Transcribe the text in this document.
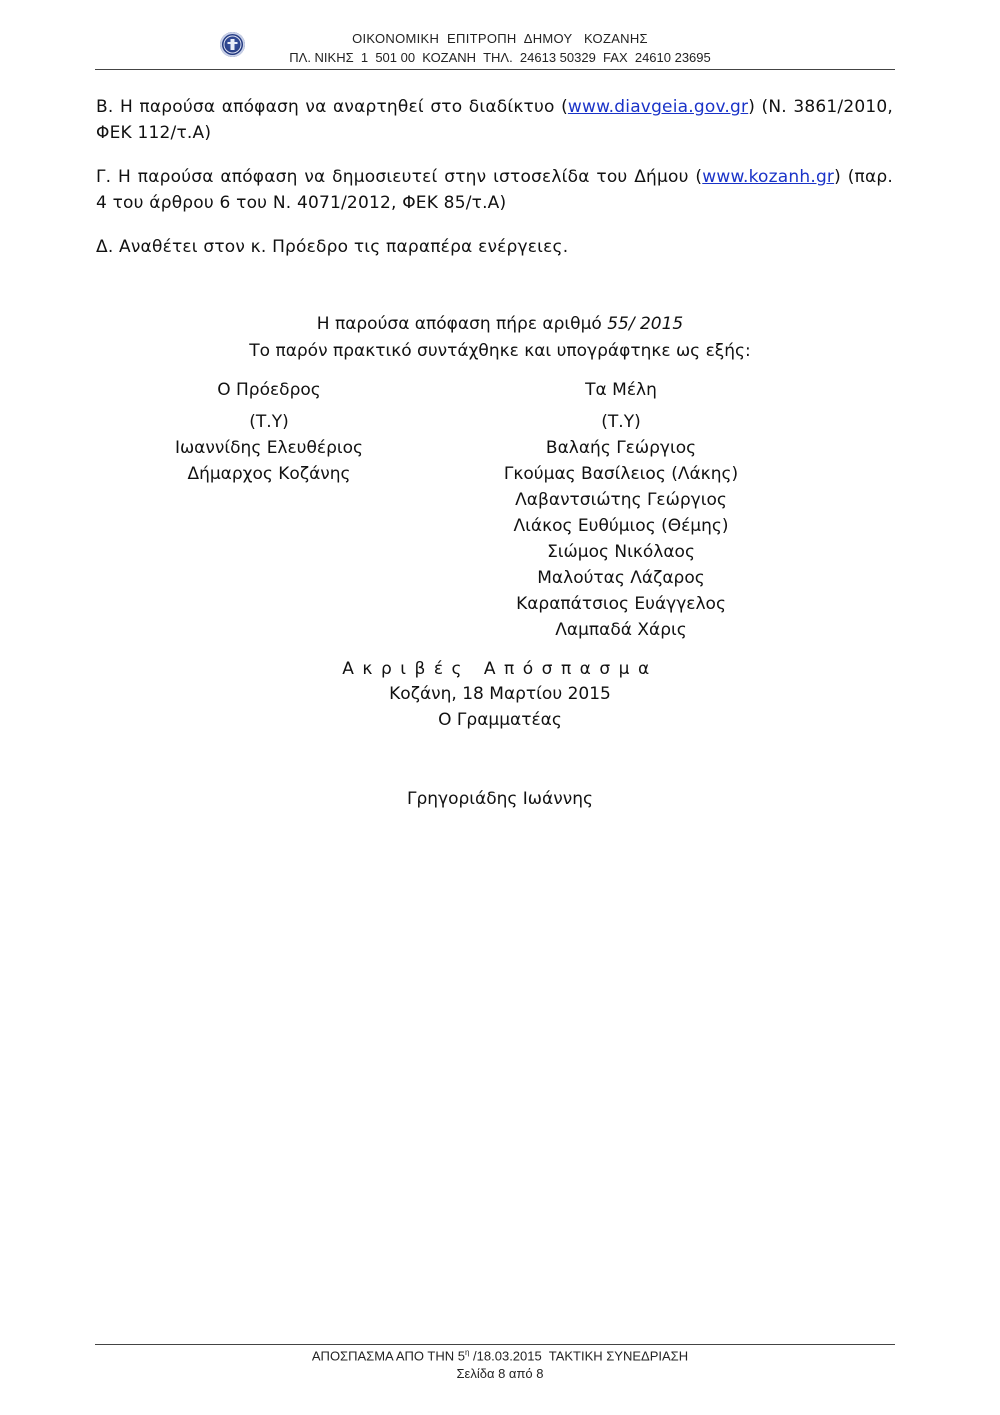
ΟΙΚΟΝΟΜΙΚΗ  ΕΠΙΤΡΟΠΗ  ΔΗΜΟΥ   ΚΟΖΑΝΗΣ
ΠΛ. ΝΙΚΗΣ  1  501 00  ΚΟΖΑΝΗ  ΤΗΛ.  24613 50329  FAX  24610 23695
Β. Η παρούσα απόφαση να αναρτηθεί στο διαδίκτυο (www.diavgeia.gov.gr) (Ν. 3861/2010, ΦΕΚ 112/τ.Α)
Γ. Η παρούσα απόφαση να δημοσιευτεί στην ιστοσελίδα του Δήμου (www.kozanh.gr) (παρ. 4 του άρθρου 6 του Ν. 4071/2012, ΦΕΚ 85/τ.Α)
Δ. Αναθέτει στον κ. Πρόεδρο τις παραπέρα ενέργειες.
Η παρούσα απόφαση πήρε αριθμό 55/ 2015
Το παρόν πρακτικό συντάχθηκε και υπογράφτηκε ως εξής:
Ο Πρόεδρος
(Τ.Υ)
Ιωαννίδης Ελευθέριος
Δήμαρχος Κοζάνης
Τα Μέλη
(Τ.Υ)
Βαλαής Γεώργιος
Γκούμας Βασίλειος (Λάκης)
Λαβαντσιώτης Γεώργιος
Λιάκος Ευθύμιος (Θέμης)
Σιώμος Νικόλαος
Μαλούτας Λάζαρος
Καραπάτσιος Ευάγγελος
Λαμπαδά Χάρις
Ακριβές Απόσπασμα
Κοζάνη, 18 Μαρτίου 2015
Ο Γραμματέας
Γρηγοριάδης Ιωάννης
ΑΠΟΣΠΑΣΜΑ ΑΠΟ ΤΗΝ $5^\eta$ /18.03.2015  ΤΑΚΤΙΚΗ ΣΥΝΕΔΡΙΑΣΗ
Σελίδα 8 από 8
